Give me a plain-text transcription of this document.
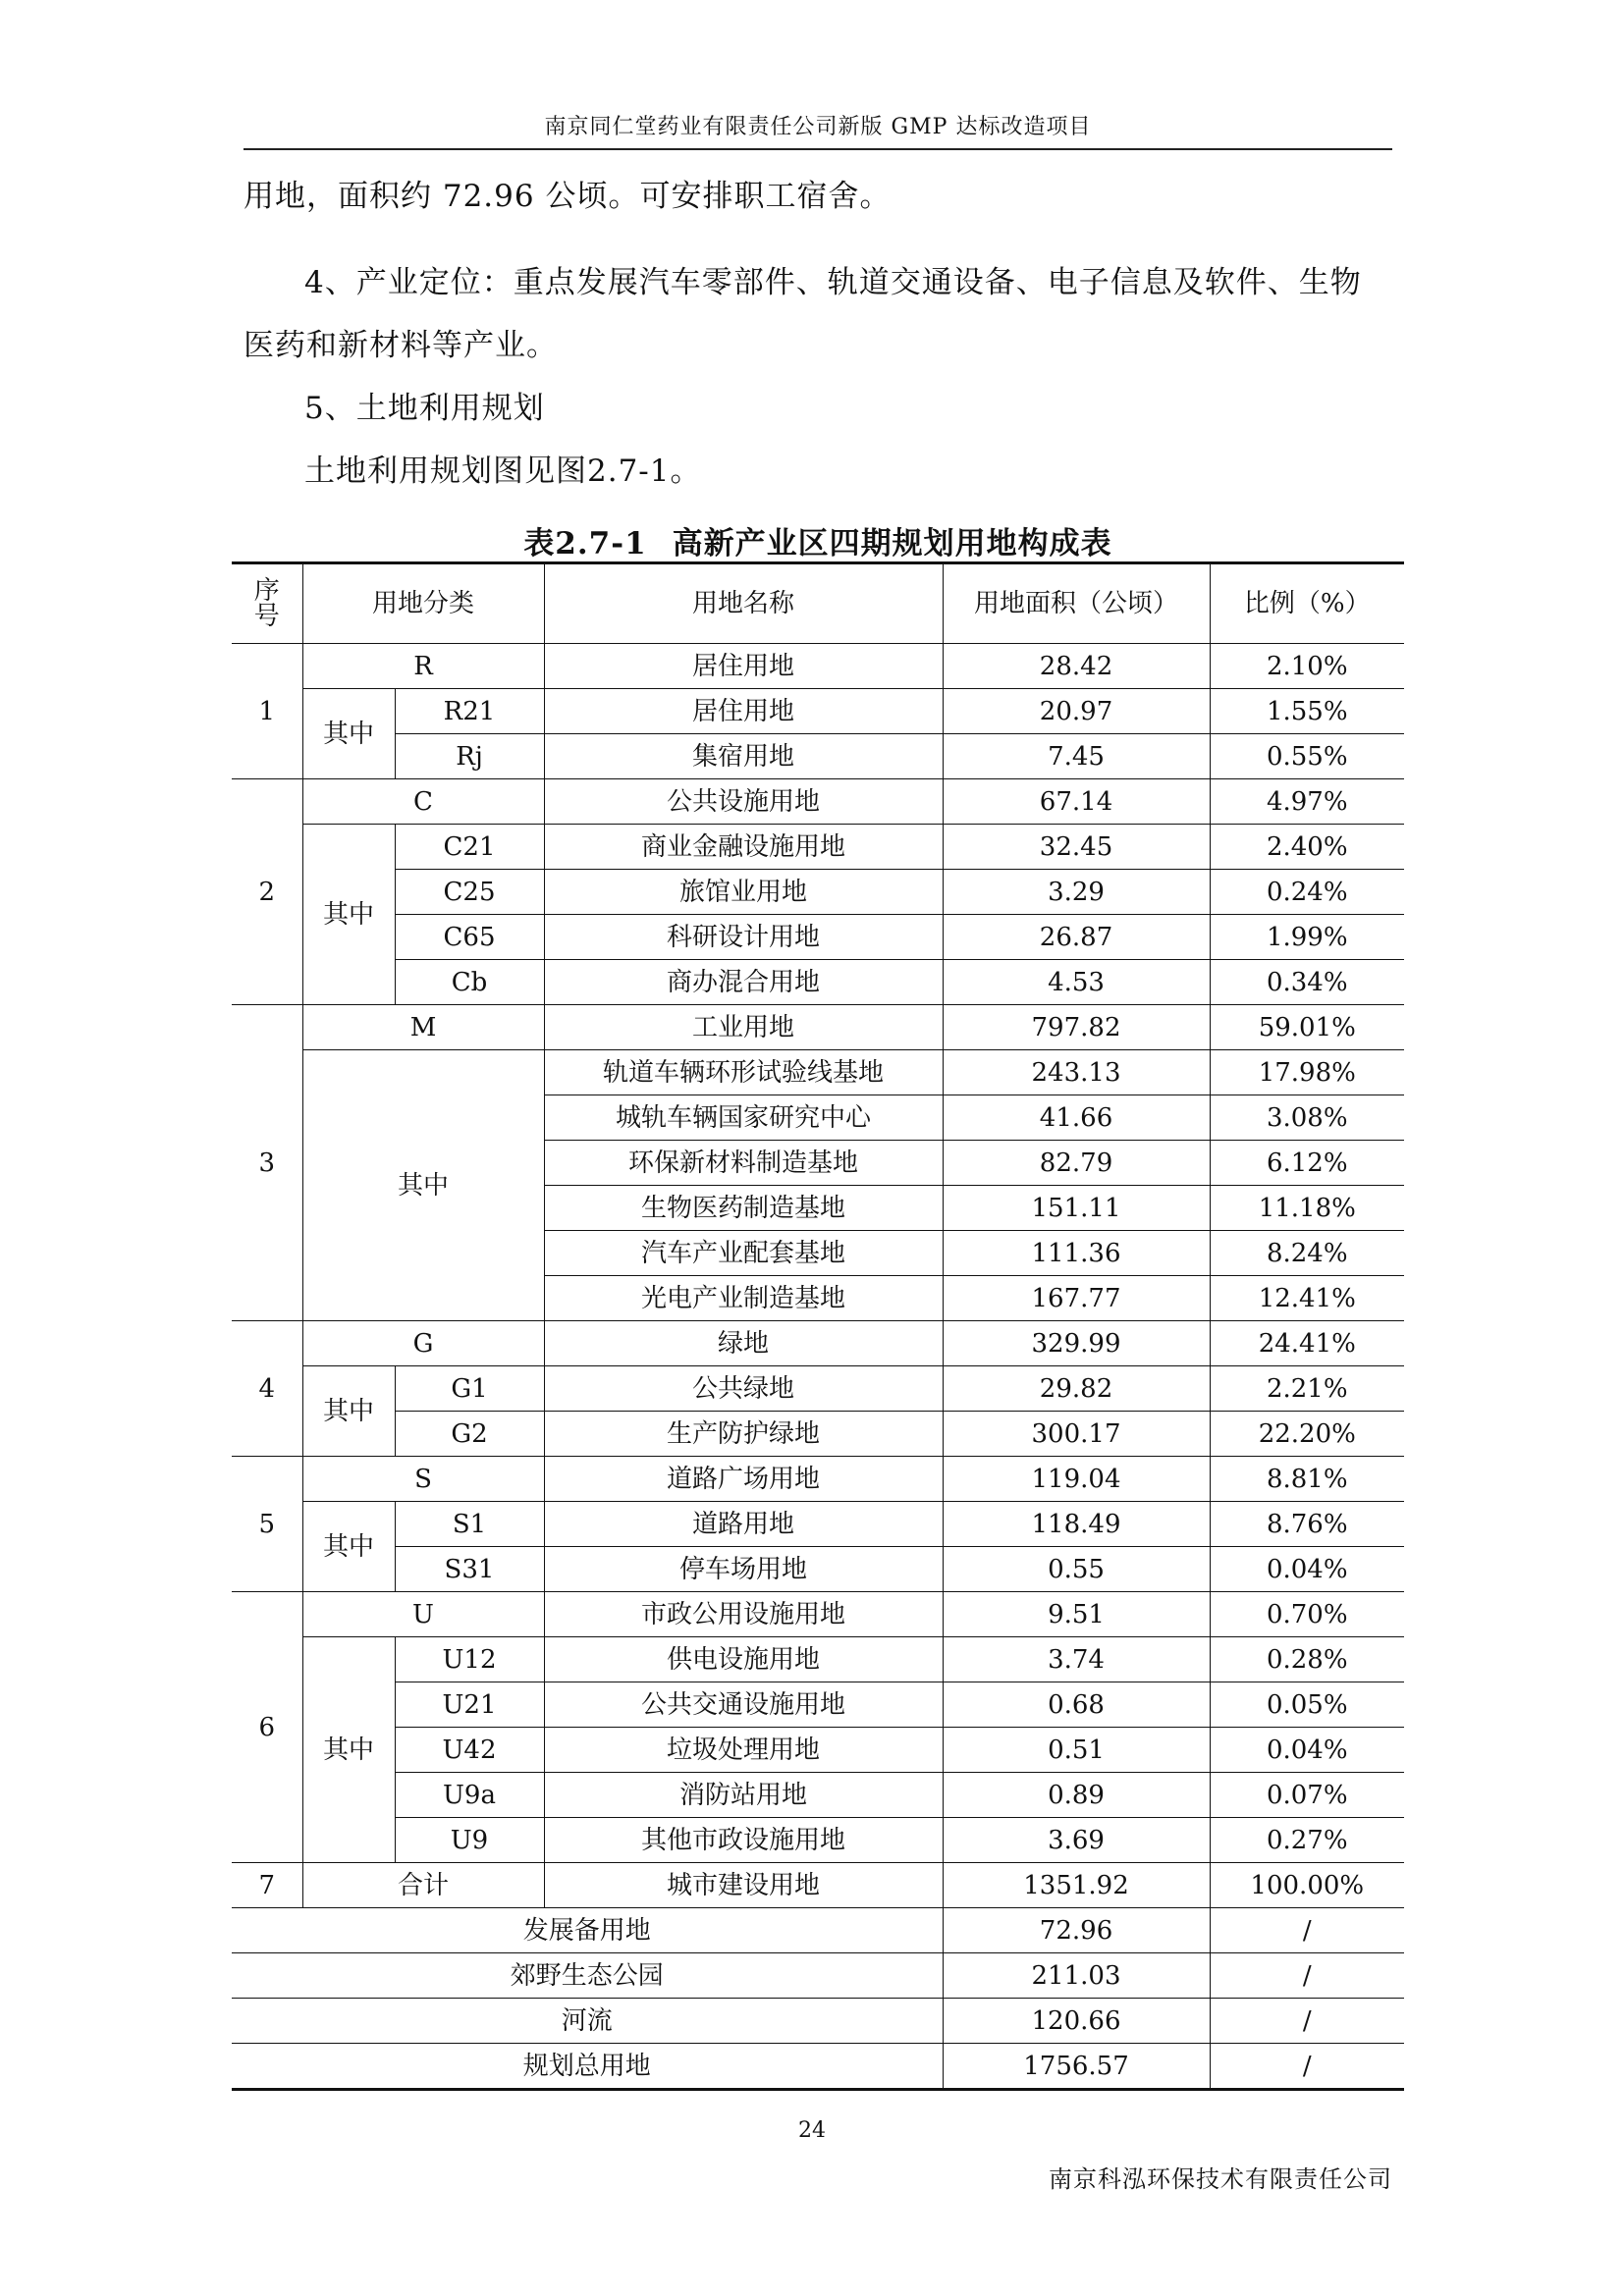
南京同仁堂药业有限责任公司新版 GMP 达标改造项目
用地，面积约 72.96 公顷。可安排职工宿舍。
4、产业定位：重点发展汽车零部件、轨道交通设备、电子信息及软件、生物医药和新材料等产业。
5、土地利用规划
土地利用规划图见图2.7-1。
表2.7-1 高新产业区四期规划用地构成表
序号	用地分类		用地名称	用地面积（公顷）	比例（%）
1	R		居住用地	28.42	2.10%
	其中	R21	居住用地	20.97	1.55%
		Rj	集宿用地	7.45	0.55%
2	C		公共设施用地	67.14	4.97%
	其中	C21	商业金融设施用地	32.45	2.40%
		C25	旅馆业用地	3.29	0.24%
		C65	科研设计用地	26.87	1.99%
		Cb	商办混合用地	4.53	0.34%
3	M		工业用地	797.82	59.01%
	其中		轨道车辆环形试验线基地	243.13	17.98%
			城轨车辆国家研究中心	41.66	3.08%
			环保新材料制造基地	82.79	6.12%
			生物医药制造基地	151.11	11.18%
			汽车产业配套基地	111.36	8.24%
			光电产业制造基地	167.77	12.41%
4	G		绿地	329.99	24.41%
	其中	G1	公共绿地	29.82	2.21%
		G2	生产防护绿地	300.17	22.20%
5	S		道路广场用地	119.04	8.81%
	其中	S1	道路用地	118.49	8.76%
		S31	停车场用地	0.55	0.04%
6	U		市政公用设施用地	9.51	0.70%
	其中	U12	供电设施用地	3.74	0.28%
		U21	公共交通设施用地	0.68	0.05%
		U42	垃圾处理用地	0.51	0.04%
		U9a	消防站用地	0.89	0.07%
		U9	其他市政设施用地	3.69	0.27%
7	合计		城市建设用地	1351.92	100.00%
发展备用地				72.96	/
郊野生态公园				211.03	/
河流				120.66	/
规划总用地				1756.57	/
24
南京科泓环保技术有限责任公司
